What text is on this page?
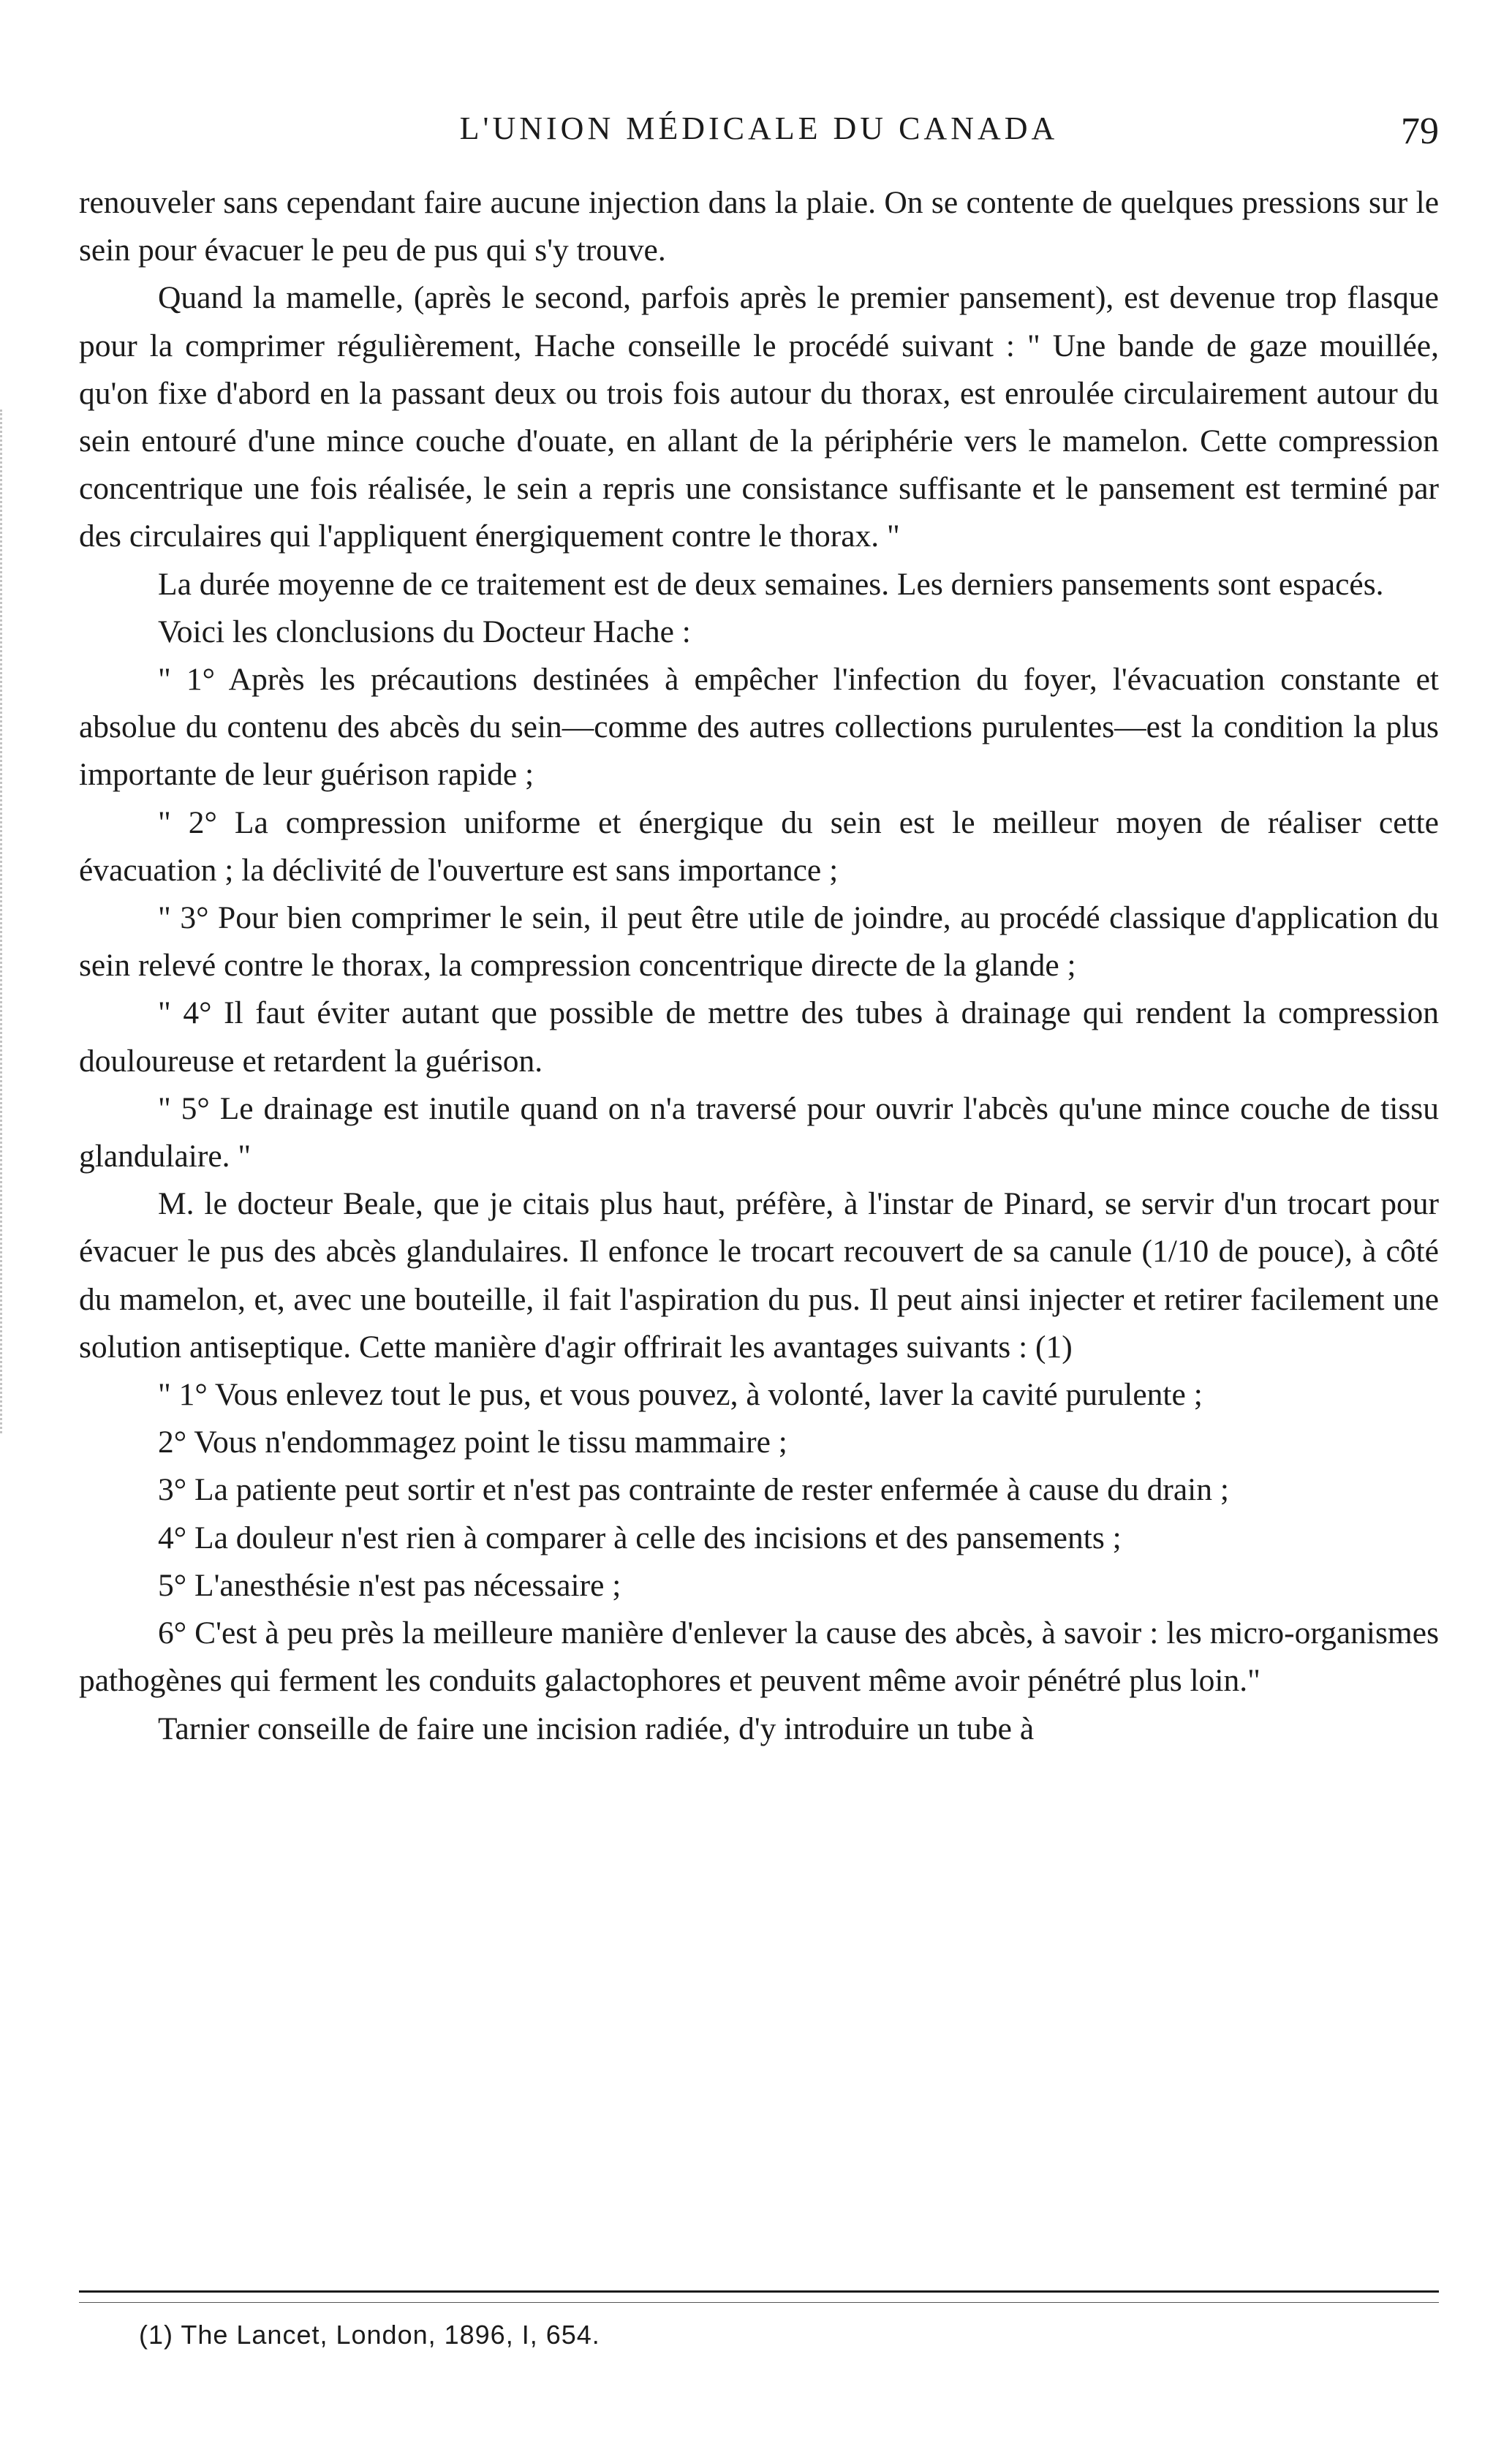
L'UNION MÉDICALE DU CANADA	79

renouveler sans cependant faire aucune injection dans la plaie. On se contente de quelques pressions sur le sein pour évacuer le peu de pus qui s'y trouve.

Quand la mamelle, (après le second, parfois après le premier pansement), est devenue trop flasque pour la comprimer régulièrement, Hache conseille le procédé suivant : " Une bande de gaze mouillée, qu'on fixe d'abord en la passant deux ou trois fois autour du thorax, est enroulée circulairement autour du sein entouré d'une mince couche d'ouate, en allant de la périphérie vers le mamelon. Cette compression concentrique une fois réalisée, le sein a repris une consistance suffisante et le pansement est terminé par des circulaires qui l'appliquent énergiquement contre le thorax. "

La durée moyenne de ce traitement est de deux semaines. Les derniers pansements sont espacés.

Voici les clonclusions du Docteur Hache :

" 1° Après les précautions destinées à empêcher l'infection du foyer, l'évacuation constante et absolue du contenu des abcès du sein—comme des autres collections purulentes—est la condition la plus importante de leur guérison rapide ;

" 2° La compression uniforme et énergique du sein est le meilleur moyen de réaliser cette évacuation ; la déclivité de l'ouverture est sans importance ;

" 3° Pour bien comprimer le sein, il peut être utile de joindre, au procédé classique d'application du sein relevé contre le thorax, la compression concentrique directe de la glande ;

" 4° Il faut éviter autant que possible de mettre des tubes à drainage qui rendent la compression douloureuse et retardent la guérison.

" 5° Le drainage est inutile quand on n'a traversé pour ouvrir l'abcès qu'une mince couche de tissu glandulaire. "

M. le docteur Beale, que je citais plus haut, préfère, à l'instar de Pinard, se servir d'un trocart pour évacuer le pus des abcès glandulaires. Il enfonce le trocart recouvert de sa canule (1/10 de pouce), à côté du mamelon, et, avec une bouteille, il fait l'aspiration du pus. Il peut ainsi injecter et retirer facilement une solution antiseptique. Cette manière d'agir offrirait les avantages suivants : (1)

" 1° Vous enlevez tout le pus, et vous pouvez, à volonté, laver la cavité purulente ;

2° Vous n'endommagez point le tissu mammaire ;

3° La patiente peut sortir et n'est pas contrainte de rester enfermée à cause du drain ;

4° La douleur n'est rien à comparer à celle des incisions et des pansements ;

5° L'anesthésie n'est pas nécessaire ;

6° C'est à peu près la meilleure manière d'enlever la cause des abcès, à savoir : les micro-organismes pathogènes qui ferment les conduits galactophores et peuvent même avoir pénétré plus loin."

Tarnier conseille de faire une incision radiée, d'y introduire un tube à

(1) The Lancet, London, 1896, I, 654.
